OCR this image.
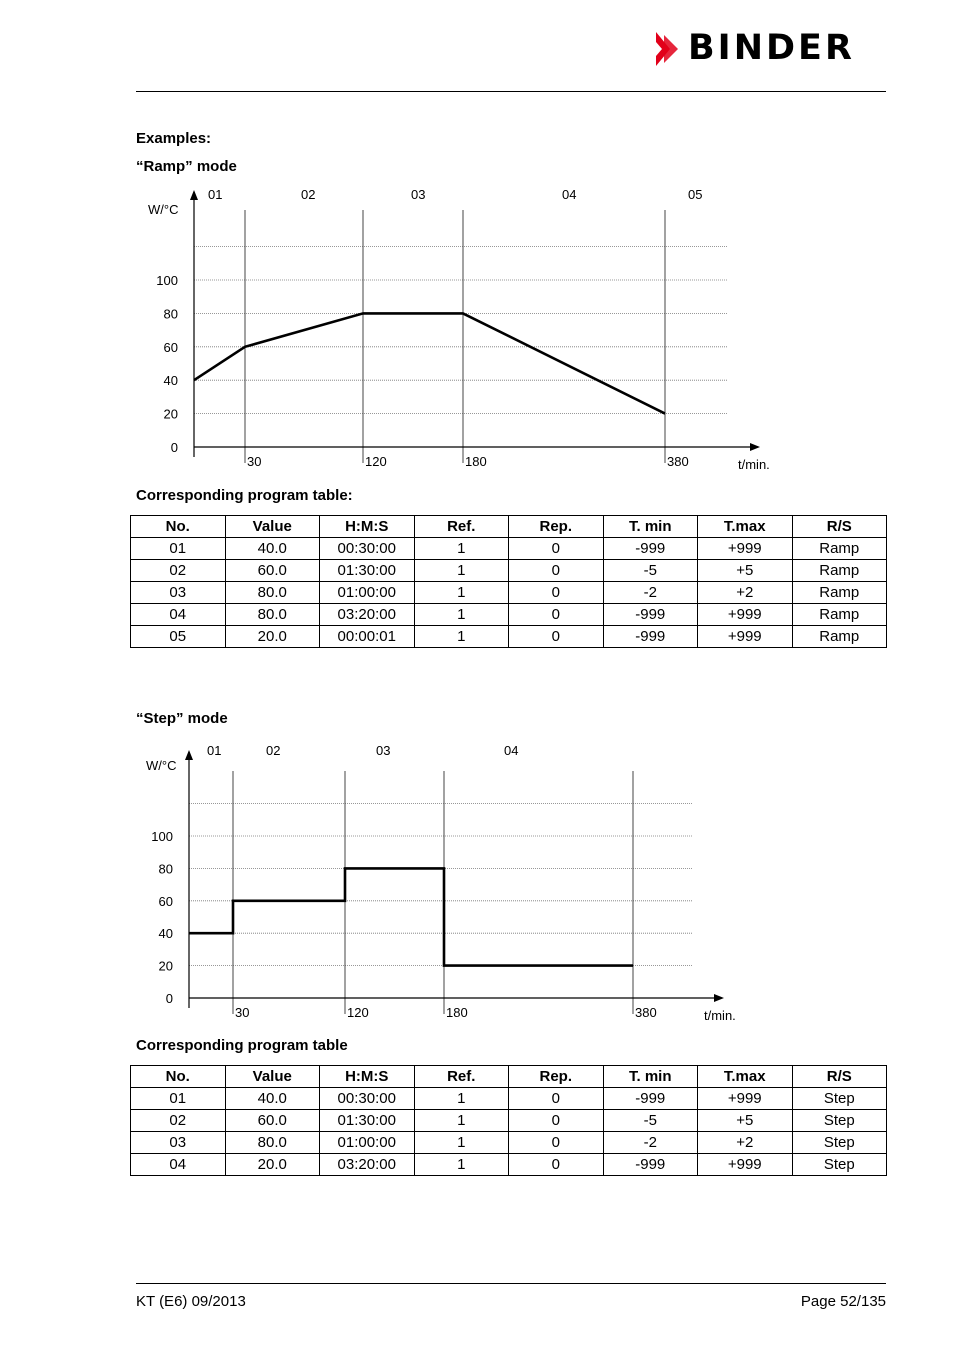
BINDER
Examples:
“Ramp” mode
0
20
40
60
80
100
W/°C
30	120	180	380	t/min.
01	02	03	04	05
Corresponding program table:
No.	Value	H:M:S	Ref.	Rep.	T. min	T.max	R/S
01	40.0	00:30:00	1	0	-999	+999	Ramp
02	60.0	01:30:00	1	0	-5	+5	Ramp
03	80.0	01:00:00	1	0	-2	+2	Ramp
04	80.0	03:20:00	1	0	-999	+999	Ramp
05	20.0	00:00:01	1	0	-999	+999	Ramp
“Step” mode
0
20
40
60
80
100
W/°C
30	120	180	380	t/min.
01	02	03	04
Corresponding program table
No.	Value	H:M:S	Ref.	Rep.	T. min	T.max	R/S
01	40.0	00:30:00	1	0	-999	+999	Step
02	60.0	01:30:00	1	0	-5	+5	Step
03	80.0	01:00:00	1	0	-2	+2	Step
04	20.0	03:20:00	1	0	-999	+999	Step
KT (E6) 09/2013	Page 52/135
